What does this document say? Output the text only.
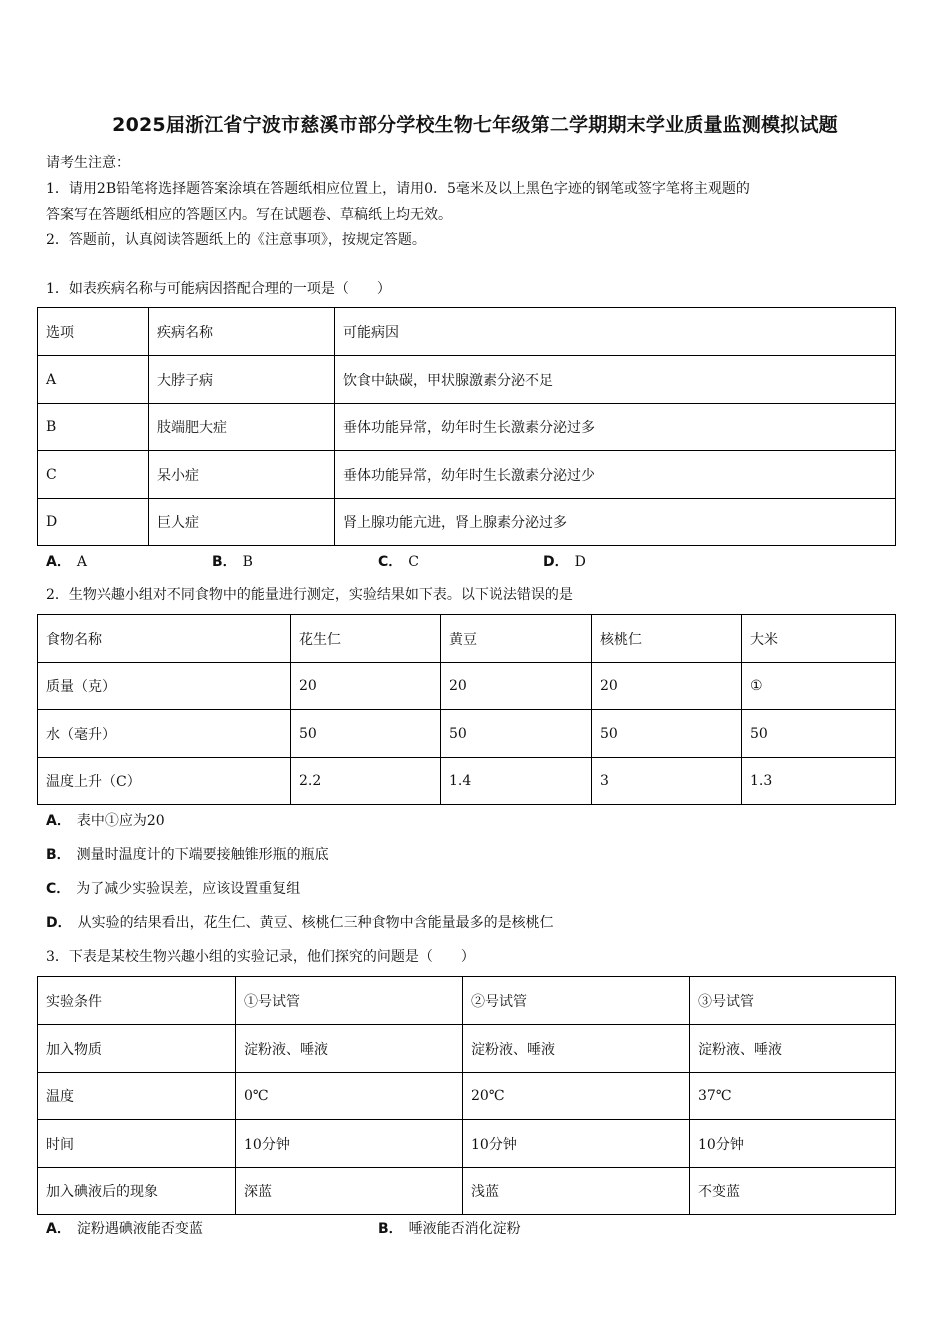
2025届浙江省宁波市慈溪市部分学校生物七年级第二学期期末学业质量监测模拟试题
请考生注意：
1．请用2B铅笔将选择题答案涂填在答题纸相应位置上，请用0．5毫米及以上黑色字迹的钢笔或签字笔将主观题的
答案写在答题纸相应的答题区内。写在试题卷、草稿纸上均无效。
2．答题前，认真阅读答题纸上的《注意事项》，按规定答题。
1．如表疾病名称与可能病因搭配合理的一项是（　　）
选项	疾病名称	可能病因
A	大脖子病	饮食中缺碳，甲状腺激素分泌不足
B	肢端肥大症	垂体功能异常，幼年时生长激素分泌过多
C	呆小症	垂体功能异常，幼年时生长激素分泌过少
D	巨人症	肾上腺功能亢进，肾上腺素分泌过多
A． A	B． B	C． C	D． D
2．生物兴趣小组对不同食物中的能量进行测定，实验结果如下表。以下说法错误的是
食物名称	花生仁	黄豆	核桃仁	大米
质量（克）	20	20	20	①
水（毫升）	50	50	50	50
温度上升（C）	2.2	1.4	3	1.3
A． 表中①应为20
B． 测量时温度计的下端要接触锥形瓶的瓶底
C． 为了减少实验误差，应该设置重复组
D． 从实验的结果看出，花生仁、黄豆、核桃仁三种食物中含能量最多的是核桃仁
3．下表是某校生物兴趣小组的实验记录，他们探究的问题是（　　）
实验条件	①号试管	②号试管	③号试管
加入物质	淀粉液、唾液	淀粉液、唾液	淀粉液、唾液
温度	0℃	20℃	37℃
时间	10分钟	10分钟	10分钟
加入碘液后的现象	深蓝	浅蓝	不变蓝
A． 淀粉遇碘液能否变蓝	B． 唾液能否消化淀粉
